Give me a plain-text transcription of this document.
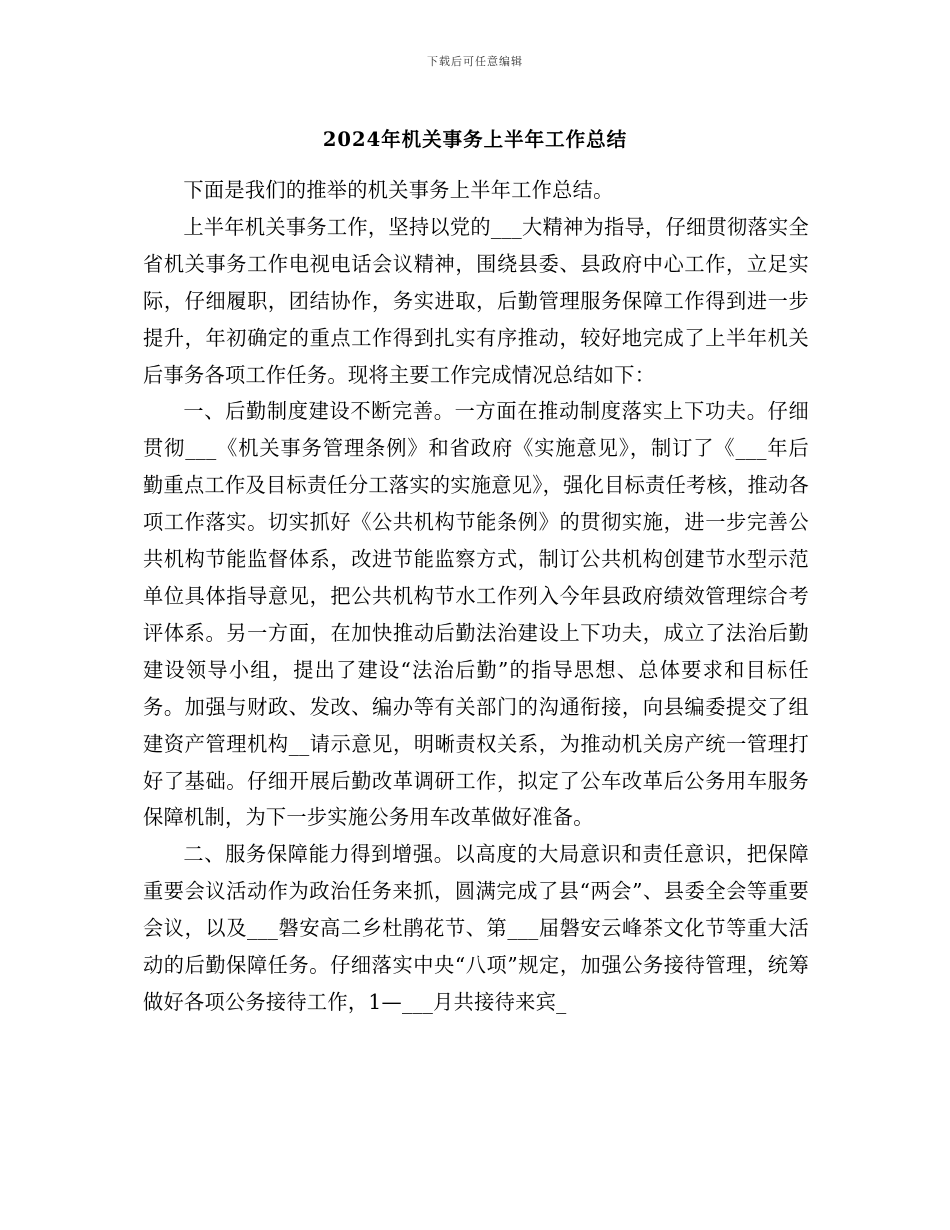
下载后可任意编辑
2024年机关事务上半年工作总结

下面是我们的推举的机关事务上半年工作总结。

上半年机关事务工作，坚持以党的___大精神为指导，仔细贯彻落实全省机关事务工作电视电话会议精神，围绕县委、县政府中心工作，立足实际，仔细履职，团结协作，务实进取，后勤管理服务保障工作得到进一步提升，年初确定的重点工作得到扎实有序推动，较好地完成了上半年机关后事务各项工作任务。现将主要工作完成情况总结如下：

一、后勤制度建设不断完善。一方面在推动制度落实上下功夫。仔细贯彻___《机关事务管理条例》和省政府《实施意见》，制订了《___年后勤重点工作及目标责任分工落实的实施意见》，强化目标责任考核，推动各项工作落实。切实抓好《公共机构节能条例》的贯彻实施，进一步完善公共机构节能监督体系，改进节能监察方式，制订公共机构创建节水型示范单位具体指导意见，把公共机构节水工作列入今年县政府绩效管理综合考评体系。另一方面，在加快推动后勤法治建设上下功夫，成立了法治后勤建设领导小组，提出了建设“法治后勤”的指导思想、总体要求和目标任务。加强与财政、发改、编办等有关部门的沟通衔接，向县编委提交了组建资产管理机构__请示意见，明晰责权关系，为推动机关房产统一管理打好了基础。仔细开展后勤改革调研工作，拟定了公车改革后公务用车服务保障机制，为下一步实施公务用车改革做好准备。

二、服务保障能力得到增强。以高度的大局意识和责任意识，把保障重要会议活动作为政治任务来抓，圆满完成了县“两会”、县委全会等重要会议，以及___磐安高二乡杜鹃花节、第___届磐安云峰茶文化节等重大活动的后勤保障任务。仔细落实中央“八项”规定，加强公务接待管理，统筹做好各项公务接待工作，1—___月共接待来宾_
